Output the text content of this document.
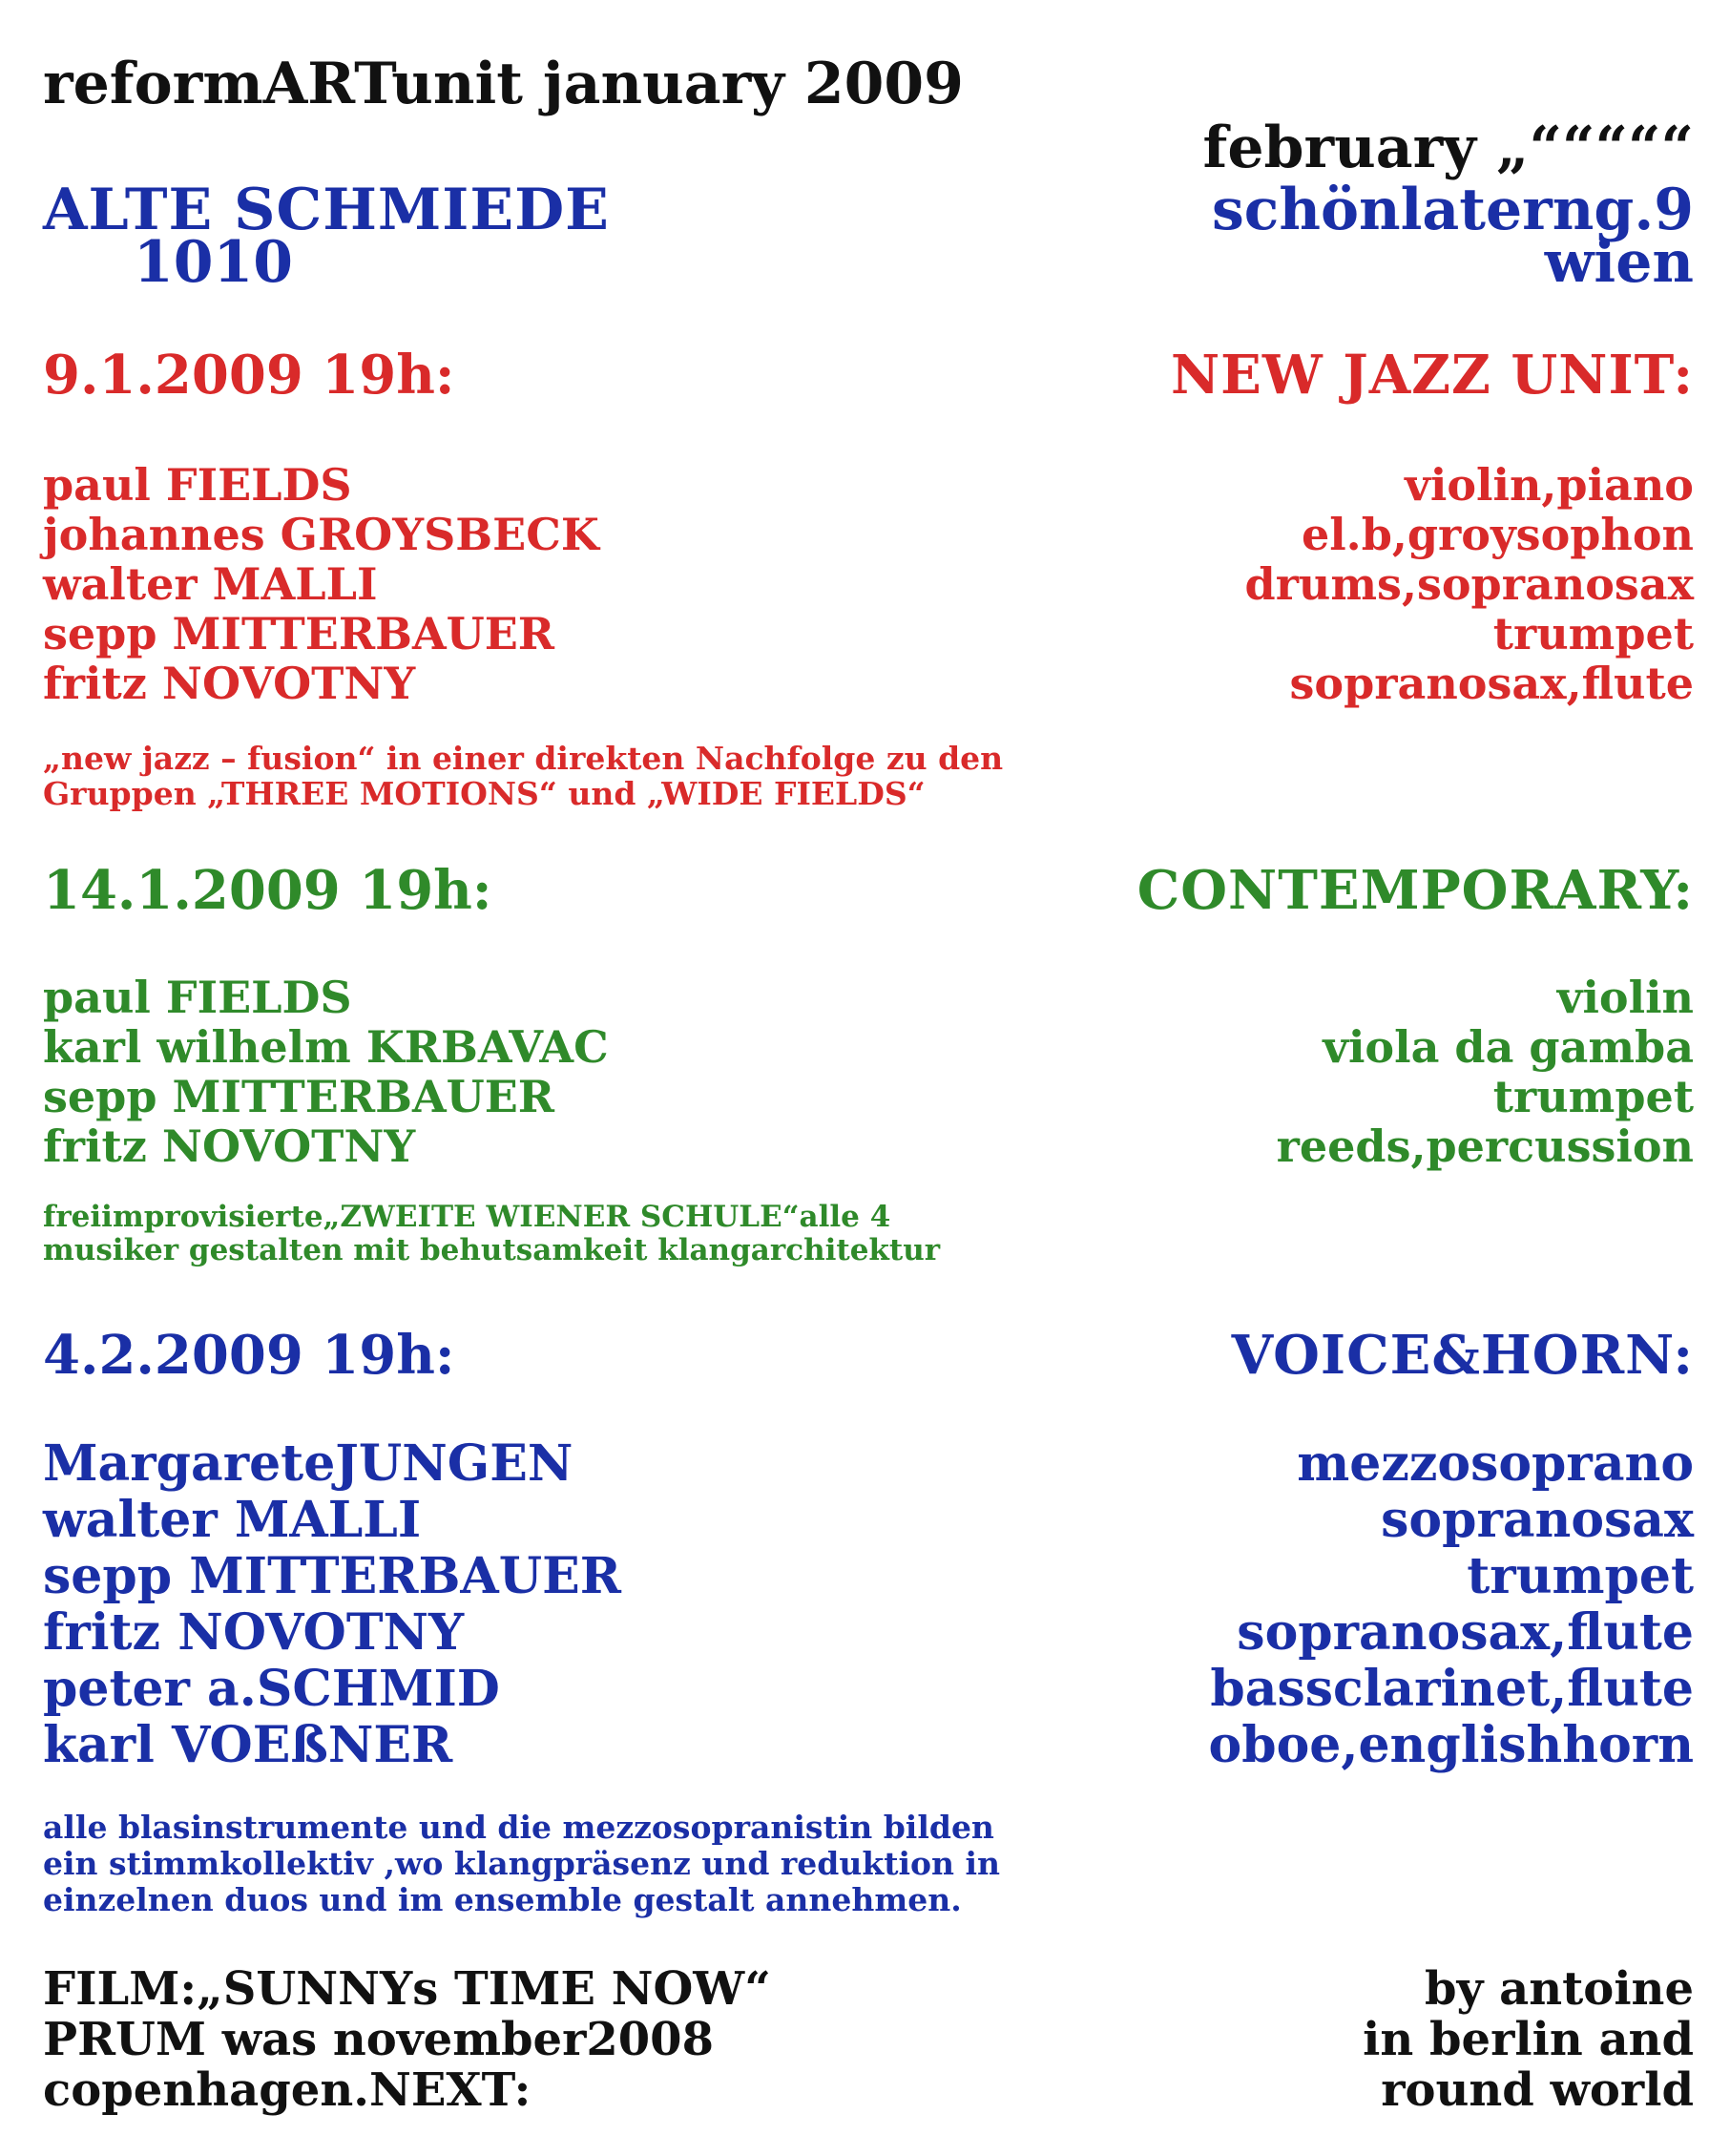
reformARTunit january 2009
february „“““““
ALTE SCHMIEDE	schönlaterng.9
1010	wien
9.1.2009 19h:	NEW JAZZ UNIT:
paul FIELDS	violin,piano
johannes GROYSBECK	el.b,groysophon
walter MALLI	drums,sopranosax
sepp MITTERBAUER	trumpet
fritz NOVOTNY	sopranosax,flute
„new jazz – fusion“ in einer direkten Nachfolge zu den
Gruppen „THREE MOTIONS“ und „WIDE FIELDS“
14.1.2009 19h:	CONTEMPORARY:
paul FIELDS	violin
karl wilhelm KRBAVAC	viola da gamba
sepp MITTERBAUER	trumpet
fritz NOVOTNY	reeds,percussion
freiimprovisierte„ZWEITE WIENER SCHULE“alle 4
musiker gestalten mit behutsamkeit klangarchitektur
4.2.2009 19h:	VOICE&HORN:
MargareteJUNGEN	mezzosoprano
walter MALLI	sopranosax
sepp MITTERBAUER	trumpet
fritz NOVOTNY	sopranosax,flute
peter a.SCHMID	bassclarinet,flute
karl VOEßNER	oboe,englishhorn
alle blasinstrumente und die mezzosopranistin bilden
ein stimmkollektiv ,wo klangpräsenz und reduktion in
einzelnen duos und im ensemble gestalt annehmen.
FILM:„SUNNYs TIME NOW“	by antoine
PRUM was november2008	in berlin and
copenhagen.NEXT:	round world
